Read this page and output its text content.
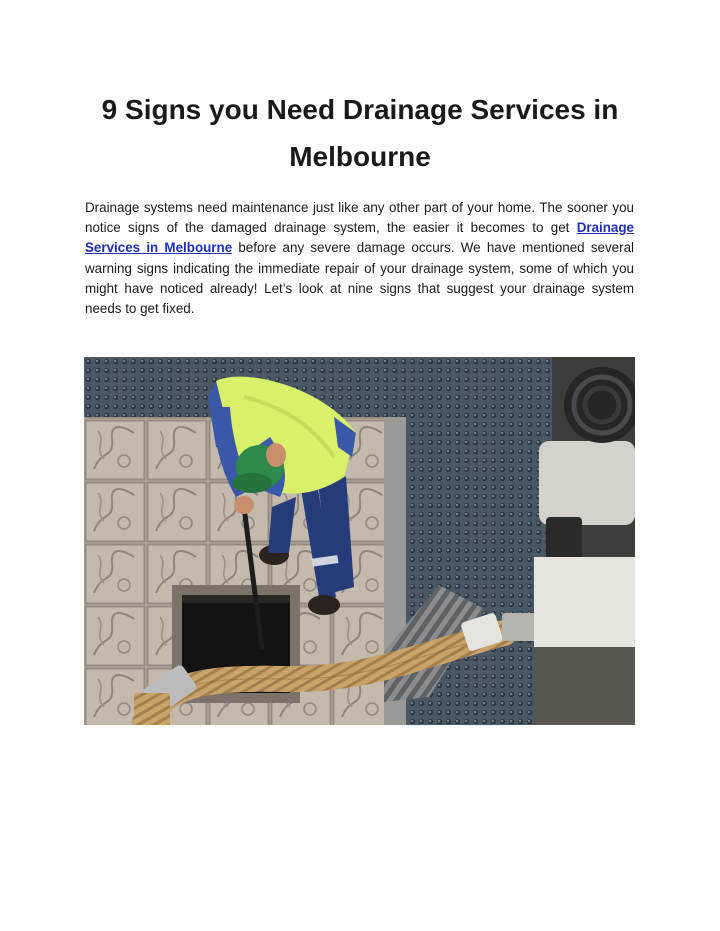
9 Signs you Need Drainage Services in Melbourne

Drainage systems need maintenance just like any other part of your home. The sooner you notice signs of the damaged drainage system, the easier it becomes to get Drainage Services in Melbourne before any severe damage occurs. We have mentioned several warning signs indicating the immediate repair of your drainage system, some of which you might have noticed already! Let’s look at nine signs that suggest your drainage system needs to get fixed.
